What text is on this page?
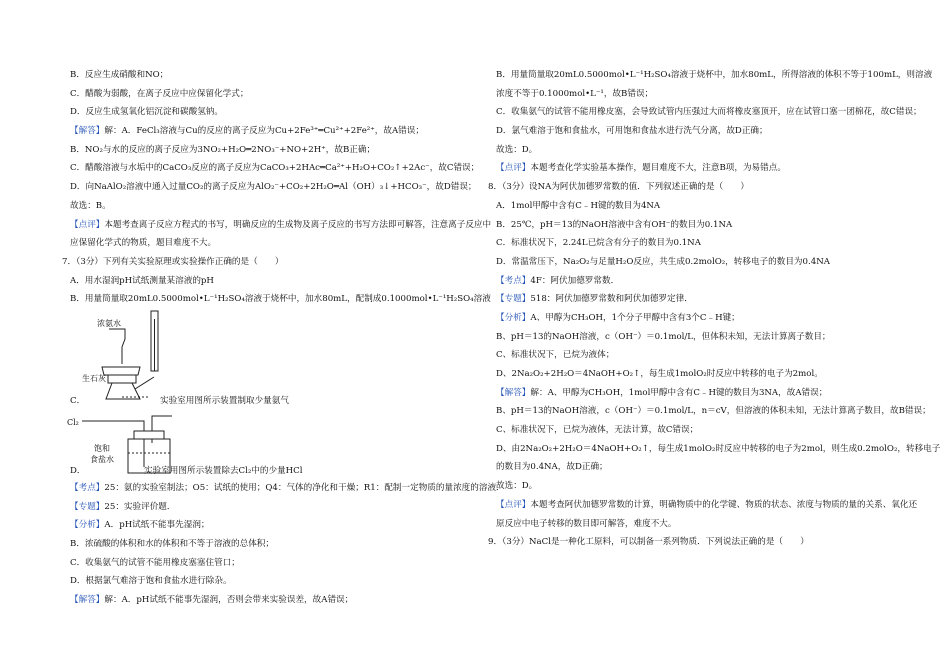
B．反应生成硝酸和NO；
C．醋酸为弱酸，在离子反应中应保留化学式；
D．反应生成氢氧化铝沉淀和碳酸氢钠。
【解答】解：A．FeCl₃溶液与Cu的反应的离子反应为Cu+2Fe³⁺═Cu²⁺+2Fe²⁺，故A错误；
B．NO₂与水的反应的离子反应为3NO₂+H₂O═2NO₃⁻+NO+2H⁺，故B正确；
C．醋酸溶液与水垢中的CaCO₃反应的离子反应为CaCO₃+2HAc═Ca²⁺+H₂O+CO₂↑+2Ac⁻，故C错误；
D．向NaAlO₂溶液中通入过量CO₂的离子反应为AlO₂⁻+CO₂+2H₂O═Al（OH）₃↓+HCO₃⁻，故D错误；
故选：B。
【点评】本题考查离子反应方程式的书写，明确反应的生成物及离子反应的书写方法即可解答，注意离子反应中
应保留化学式的物质，题目难度不大。
7．（3分）下列有关实验原理或实验操作正确的是（　　）
A．用水湿润pH试纸测量某溶液的pH
B．用量筒量取20mL0.5000mol•L⁻¹H₂SO₄溶液于烧杯中，加水80mL，配制成0.1000mol•L⁻¹H₂SO₄溶液
浓氨水
生石灰
C．	实验室用图所示装置制取少量氨气
Cl₂
饱和
食盐水
D．	实验室用图所示装置除去Cl₂中的少量HCl
【考点】25：氨的实验室制法；O5：试纸的使用；Q4：气体的净化和干燥；R1：配制一定物质的量浓度的溶液．
【专题】25：实验评价题．
【分析】A．pH试纸不能事先湿润；
B．浓硫酸的体积和水的体积和不等于溶液的总体积；
C．收集氨气的试管不能用橡皮塞塞住管口；
D．根据氯气难溶于饱和食盐水进行除杂。
【解答】解：A．pH试纸不能事先湿润，否则会带来实验误差，故A错误；
B．用量筒量取20mL0.5000mol•L⁻¹H₂SO₄溶液于烧杯中，加水80mL，所得溶液的体积不等于100mL，则溶液
浓度不等于0.1000mol•L⁻¹，故B错误；
C．收集氨气的试管不能用橡皮塞，会导致试管内压强过大而将橡皮塞顶开，应在试管口塞一团棉花，故C错误；
D．氯气难溶于饱和食盐水，可用饱和食盐水进行洗气分离，故D正确；
故选：D。
【点评】本题考查化学实验基本操作，题目难度不大，注意B项，为易错点。
8．（3分）设NA为阿伏加德罗常数的值．下列叙述正确的是（　　）
A．1mol甲醇中含有C﹣H键的数目为4NA
B．25℃，pH＝13的NaOH溶液中含有OH⁻的数目为0.1NA
C．标准状况下，2.24L已烷含有分子的数目为0.1NA
D．常温常压下，Na₂O₂与足量H₂O反应，共生成0.2molO₂，转移电子的数目为0.4NA
【考点】4F：阿伏加德罗常数．
【专题】518：阿伏加德罗常数和阿伏加德罗定律．
【分析】A、甲醇为CH₃OH，1个分子甲醇中含有3个C﹣H键；
B、pH＝13的NaOH溶液，c（OH⁻）＝0.1mol/L，但体积未知，无法计算离子数目；
C、标准状况下，已烷为液体；
D、2Na₂O₂+2H₂O＝4NaOH+O₂↑，每生成1molO₂时反应中转移的电子为2mol。
【解答】解：A、甲醇为CH₃OH，1mol甲醇中含有C﹣H键的数目为3NA，故A错误；
B、pH＝13的NaOH溶液，c（OH⁻）＝0.1mol/L，n＝cV，但溶液的体积未知，无法计算离子数目，故B错误；
C、标准状况下，已烷为液体，无法计算，故C错误；
D、由2Na₂O₂+2H₂O＝4NaOH+O₂↑，每生成1molO₂时反应中转移的电子为2mol，则生成0.2molO₂，转移电子
的数目为0.4NA，故D正确；
故选：D。
【点评】本题考查阿伏加德罗常数的计算，明确物质中的化学键、物质的状态、浓度与物质的量的关系、氧化还
原反应中电子转移的数目即可解答，难度不大。
9．（3分）NaCl是一种化工原料，可以制备一系列物质．下列说法正确的是（　　）
